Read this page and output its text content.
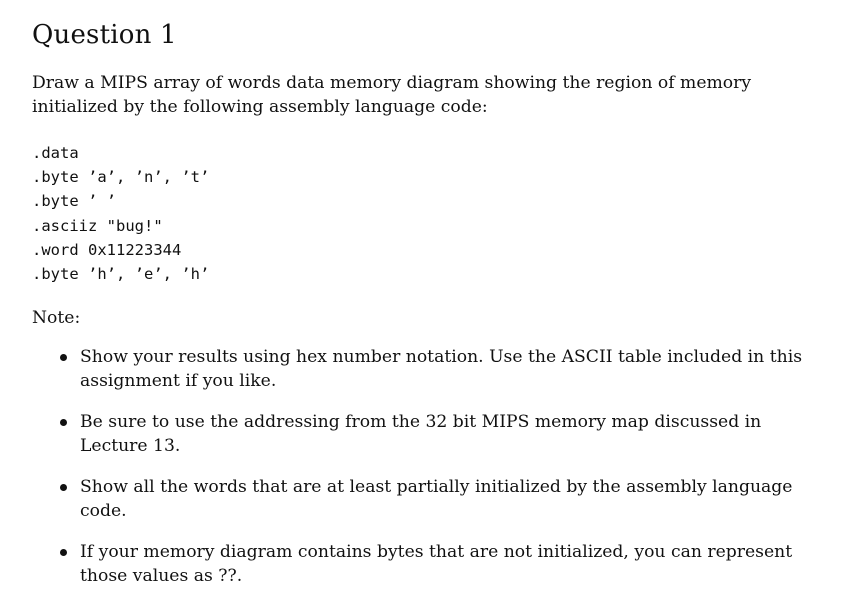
Question 1

Draw a MIPS array of words data memory diagram showing the region of memory initialized by the following assembly language code:

.data
.byte ’a’, ’n’, ’t’
.byte ’ ’
.asciiz "bug!"
.word 0x11223344
.byte ’h’, ’e’, ’h’

Note:

Show your results using hex number notation. Use the ASCII table included in this assignment if you like.
Be sure to use the addressing from the 32 bit MIPS memory map discussed in Lecture 13.
Show all the words that are at least partially initialized by the assembly language code.
If your memory diagram contains bytes that are not initialized, you can represent those values as ??.
